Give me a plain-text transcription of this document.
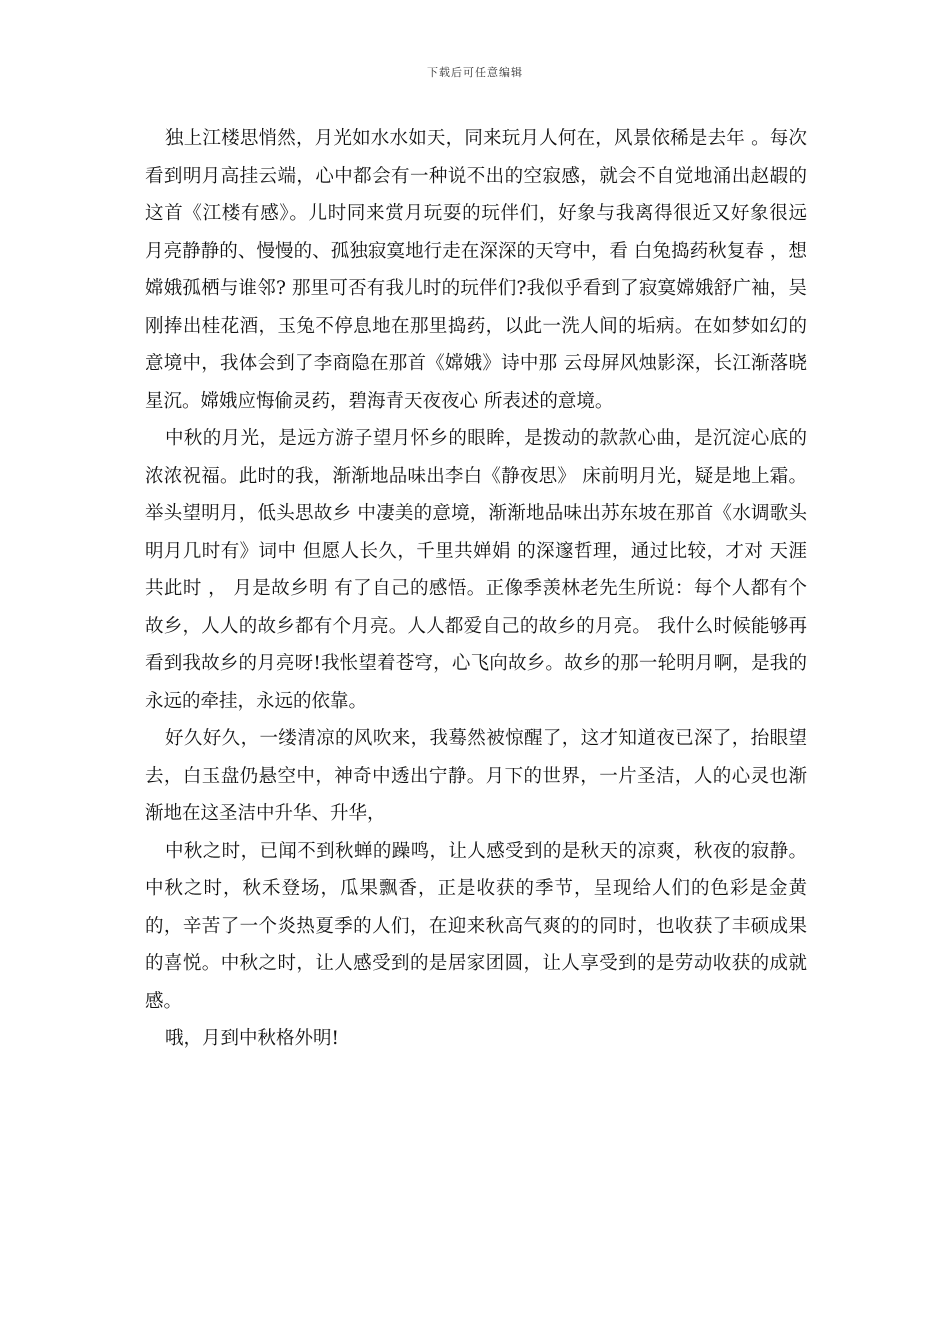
下载后可任意编辑

独上江楼思悄然，月光如水水如天，同来玩月人何在，风景依稀是去年 。每次看到明月高挂云端，心中都会有一种说不出的空寂感，就会不自觉地涌出赵嘏的这首《江楼有感》。儿时同来赏月玩耍的玩伴们，好象与我离得很近又好象很远 月亮静静的、慢慢的、孤独寂寞地行走在深深的天穹中，看 白兔捣药秋复春 ，想 嫦娥孤栖与谁邻? 那里可否有我儿时的玩伴们?我似乎看到了寂寞嫦娥舒广袖，吴刚捧出桂花酒，玉兔不停息地在那里捣药，以此一洗人间的垢病。在如梦如幻的意境中，我体会到了李商隐在那首《嫦娥》诗中那 云母屏风烛影深，长江渐落晓星沉。嫦娥应悔偷灵药，碧海青天夜夜心 所表述的意境。

中秋的月光，是远方游子望月怀乡的眼眸，是拨动的款款心曲，是沉淀心底的浓浓祝福。此时的我，渐渐地品味出李白《静夜思》 床前明月光，疑是地上霜。举头望明月，低头思故乡 中凄美的意境，渐渐地品味出苏东坡在那首《水调歌头 明月几时有》词中 但愿人长久，千里共婵娟 的深邃哲理，通过比较，才对 天涯共此时 ， 月是故乡明 有了自己的感悟。正像季羡林老先生所说：每个人都有个故乡，人人的故乡都有个月亮。人人都爱自己的故乡的月亮。 我什么时候能够再看到我故乡的月亮呀!我怅望着苍穹，心飞向故乡。故乡的那一轮明月啊，是我的永远的牵挂，永远的依靠。

好久好久，一缕清凉的风吹来，我蓦然被惊醒了，这才知道夜已深了，抬眼望去，白玉盘仍悬空中，神奇中透出宁静。月下的世界，一片圣洁，人的心灵也渐渐地在这圣洁中升华、升华，

中秋之时，已闻不到秋蝉的躁鸣，让人感受到的是秋天的凉爽，秋夜的寂静。中秋之时，秋禾登场，瓜果飘香，正是收获的季节，呈现给人们的色彩是金黄的，辛苦了一个炎热夏季的人们，在迎来秋高气爽的的同时，也收获了丰硕成果的喜悦。中秋之时，让人感受到的是居家团圆，让人享受到的是劳动收获的成就感。

哦，月到中秋格外明!
